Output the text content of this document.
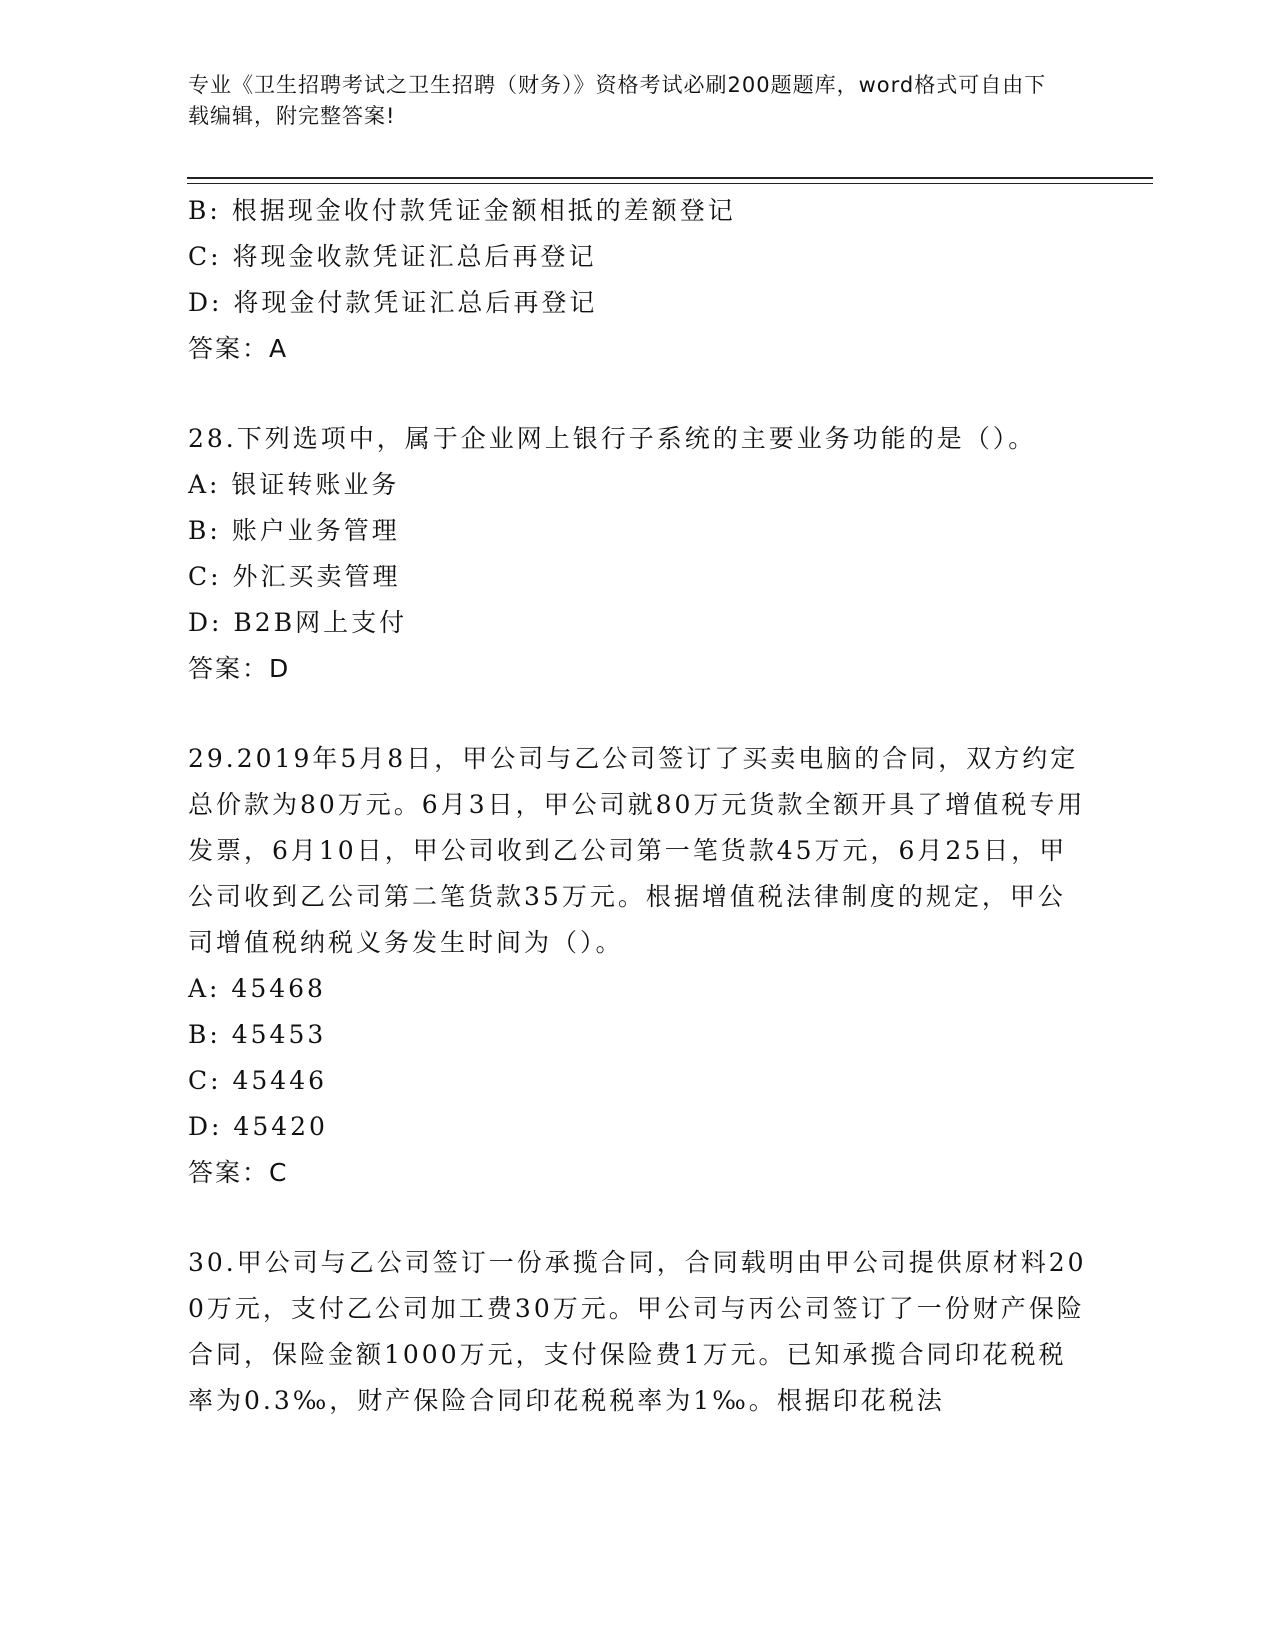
专业《卫生招聘考试之卫生招聘（财务）》资格考试必刷200题题库，word格式可自由下载编辑，附完整答案!
B: 根据现金收付款凭证金额相抵的差额登记
C: 将现金收款凭证汇总后再登记
D: 将现金付款凭证汇总后再登记
答案：A
28.下列选项中，属于企业网上银行子系统的主要业务功能的是（）。
A: 银证转账业务
B: 账户业务管理
C: 外汇买卖管理
D: B2B网上支付
答案：D
29.2019年5月8日，甲公司与乙公司签订了买卖电脑的合同，双方约定总价款为80万元。6月3日，甲公司就80万元货款全额开具了增值税专用发票，6月10日，甲公司收到乙公司第一笔货款45万元，6月25日，甲公司收到乙公司第二笔货款35万元。根据增值税法律制度的规定，甲公司增值税纳税义务发生时间为（）。
A: 45468
B: 45453
C: 45446
D: 45420
答案：C
30.甲公司与乙公司签订一份承揽合同，合同载明由甲公司提供原材料200万元，支付乙公司加工费30万元。甲公司与丙公司签订了一份财产保险合同，保险金额1000万元，支付保险费1万元。已知承揽合同印花税税率为0.3‰，财产保险合同印花税税率为1‰。根据印花税法
